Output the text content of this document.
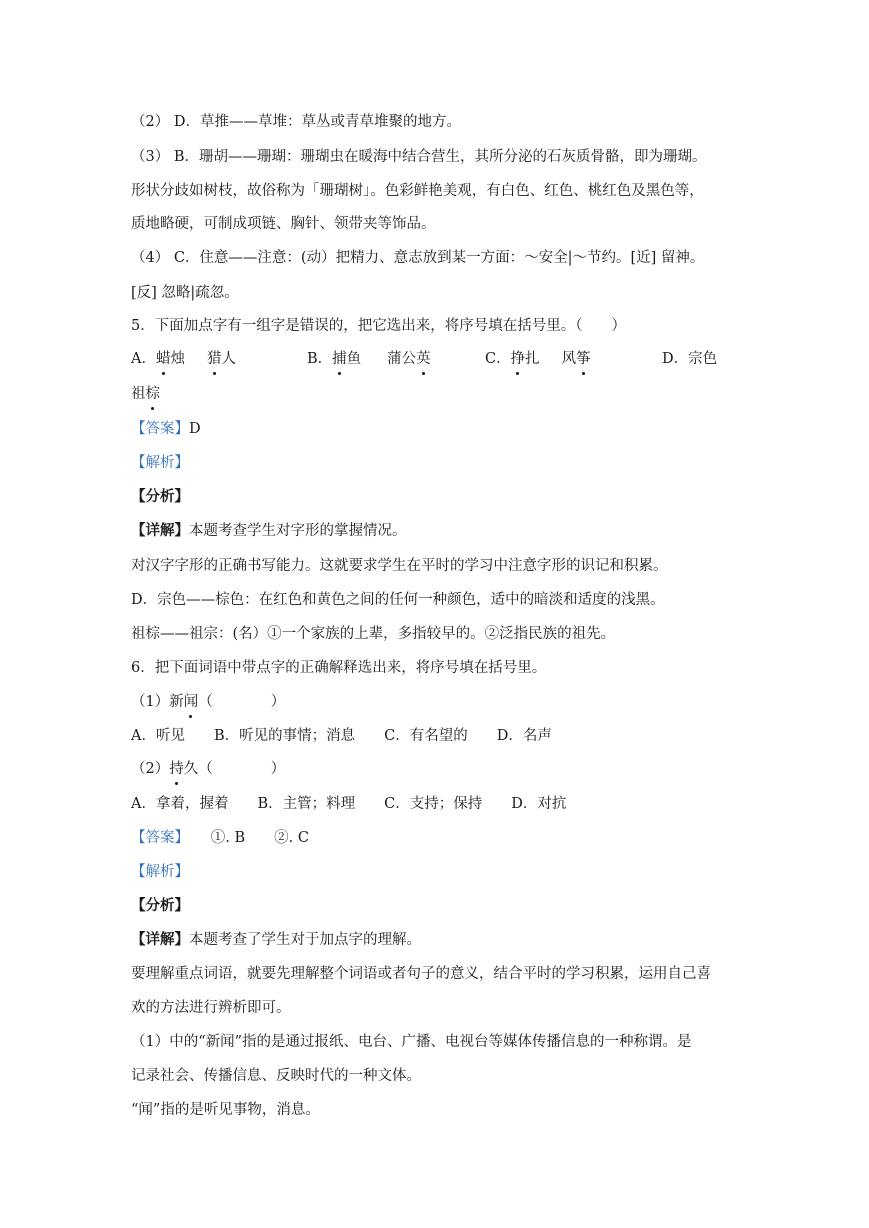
（2） D．草推——草堆：草丛或青草堆聚的地方。
（3） B．珊胡——珊瑚：珊瑚虫在暖海中结合营生，其所分泌的石灰质骨骼，即为珊瑚。
形状分歧如树枝，故俗称为「珊瑚树」。色彩鲜艳美观，有白色、红色、桃红色及黑色等，
质地略硬，可制成项链、胸针、领带夹等饰品。
（4） C．住意——注意：(动）把精力、意志放到某一方面：～安全|～节约。[近] 留神。
[反] 忽略|疏忽。
5．下面加点字有一组字是错误的，把它选出来，将序号填在括号里。（　　）
A．蜡烛 猎人	B．捕鱼 蒲公英	C．挣扎 风筝	D．宗色
祖棕
【答案】D
【解析】
【分析】
【详解】本题考查学生对字形的掌握情况。
对汉字字形的正确书写能力。这就要求学生在平时的学习中注意字形的识记和积累。
D．宗色——棕色：在红色和黄色之间的任何一种颜色，适中的暗淡和适度的浅黑。
祖棕——祖宗：(名）①一个家族的上辈，多指较早的。②泛指民族的祖先。
6．把下面词语中带点字的正确解释选出来，将序号填在括号里。
（1）新闻（　　　　）
A．听见　　B．听见的事情；消息　　C．有名望的　　D．名声
（2）持久（　　　　）
A．拿着，握着　　B．主管；料理　　C．支持；保持　　D．对抗
【答案】　　①. B　　②. C
【解析】
【分析】
【详解】本题考查了学生对于加点字的理解。
要理解重点词语，就要先理解整个词语或者句子的意义，结合平时的学习积累，运用自己喜
欢的方法进行辨析即可。
（1）中的“新闻”指的是通过报纸、电台、广播、电视台等媒体传播信息的一种称谓。是
记录社会、传播信息、反映时代的一种文体。
“闻”指的是听见事物，消息。
